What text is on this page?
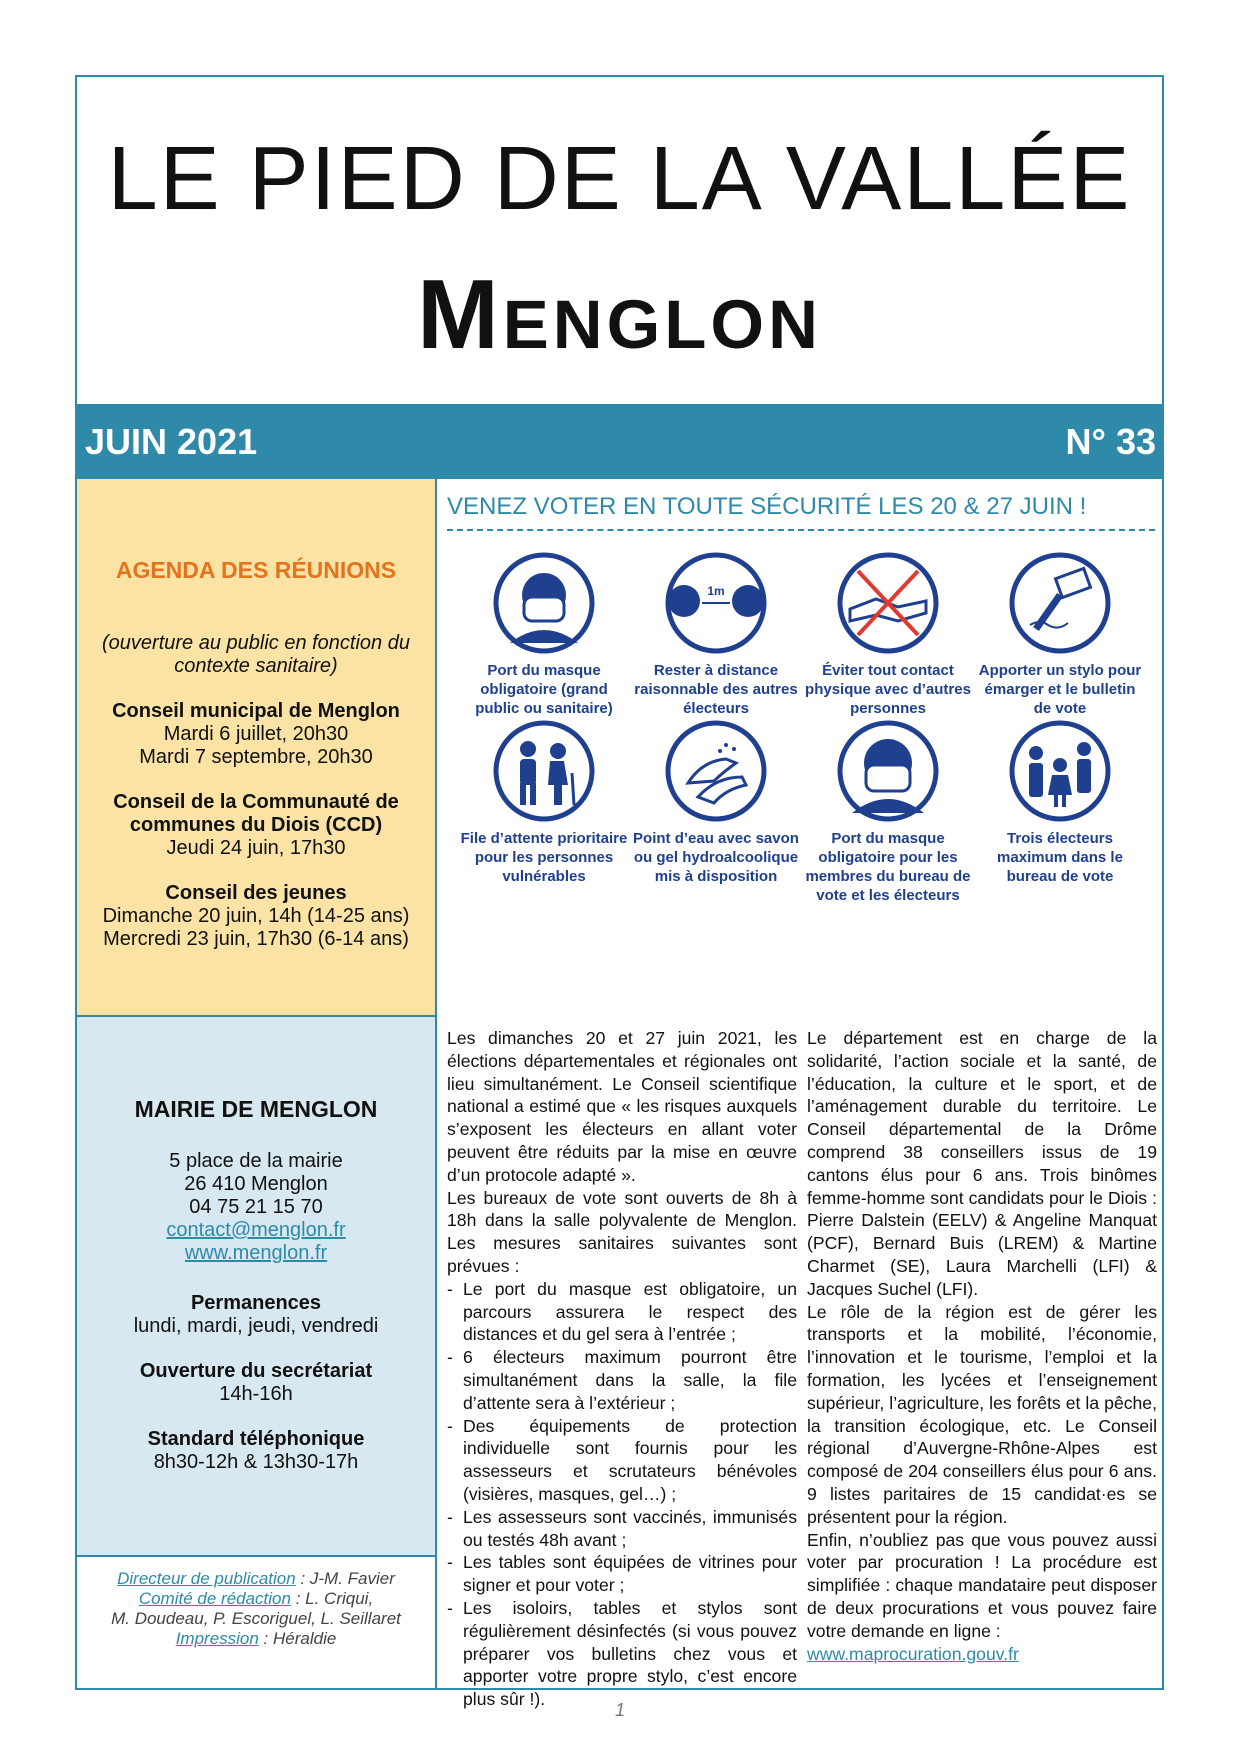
LE PIED DE LA VALLÉE
Menglon
JUIN 2021	N° 33
AGENDA DES RÉUNIONS
(ouverture au public en fonction du contexte sanitaire)
Conseil municipal de Menglon
Mardi 6 juillet, 20h30
Mardi 7 septembre, 20h30
Conseil de la Communauté de communes du Diois (CCD)
Jeudi 24 juin, 17h30
Conseil des jeunes
Dimanche 20 juin, 14h (14-25 ans)
Mercredi 23 juin, 17h30 (6-14 ans)
MAIRIE DE MENGLON
5 place de la mairie
26 410 Menglon
04 75 21 15 70
contact@menglon.fr
www.menglon.fr
Permanences
lundi, mardi, jeudi, vendredi
Ouverture du secrétariat
14h-16h
Standard téléphonique
8h30-12h & 13h30-17h
Directeur de publication : J-M. Favier
Comité de rédaction : L. Criqui,
M. Doudeau, P. Escoriguel, L. Seillaret
Impression : Héraldie
VENEZ VOTER EN TOUTE SÉCURITÉ LES 20 & 27 JUIN !
Port du masque obligatoire (grand public ou sanitaire)
1m
Rester à distance raisonnable des autres électeurs
Éviter tout contact physique avec d’autres personnes
Apporter un stylo pour émarger et le bulletin de vote
File d’attente prioritaire pour les personnes vulnérables
Point d’eau avec savon ou gel hydroalcoolique mis à disposition
Port du masque obligatoire pour les membres du bureau de vote et les électeurs
Trois électeurs maximum dans le bureau de vote

Les dimanches 20 et 27 juin 2021, les élections départementales et régionales ont lieu simultanément. Le Conseil scientifique national a estimé que « les risques auxquels s’exposent les électeurs en allant voter peuvent être réduits par la mise en œuvre d’un protocole adapté ».

Les bureaux de vote sont ouverts de 8h à 18h dans la salle polyvalente de Menglon. Les mesures sanitaires suivantes sont prévues :

- Le port du masque est obligatoire, un parcours assurera le respect des distances et du gel sera à l’entrée ;
- 6 électeurs maximum pourront être simultanément dans la salle, la file d’attente sera à l’extérieur ;
- Des équipements de protection individuelle sont fournis pour les assesseurs et scrutateurs bénévoles (visières, masques, gel…) ;
- Les assesseurs sont vaccinés, immunisés ou testés 48h avant ;
- Les tables sont équipées de vitrines pour signer et pour voter ;
- Les isoloirs, tables et stylos sont régulièrement désinfectés (si vous pouvez préparer vos bulletins chez vous et apporter votre propre stylo, c’est encore plus sûr !).

Le département est en charge de la solidarité, l’action sociale et la santé, de l’éducation, la culture et le sport, et de l’aménagement durable du territoire. Le Conseil départemental de la Drôme comprend 38 conseillers issus de 19 cantons élus pour 6 ans. Trois binômes femme-homme sont candidats pour le Diois : Pierre Dalstein (EELV) & Angeline Manquat (PCF), Bernard Buis (LREM) & Martine Charmet (SE), Laura Marchelli (LFI) & Jacques Suchel (LFI).

Le rôle de la région est de gérer les transports et la mobilité, l’économie, l’innovation et le tourisme, l’emploi et la formation, les lycées et l’enseignement supérieur, l’agriculture, les forêts et la pêche, la transition écologique, etc. Le Conseil régional d’Auvergne-Rhône-Alpes est composé de 204 conseillers élus pour 6 ans. 9 listes paritaires de 15 candidat·es se présentent pour la région.

Enfin, n’oubliez pas que vous pouvez aussi voter par procuration ! La procédure est simplifiée : chaque mandataire peut disposer de deux procurations et vous pouvez faire votre demande en ligne :

www.maprocuration.gouv.fr

1
